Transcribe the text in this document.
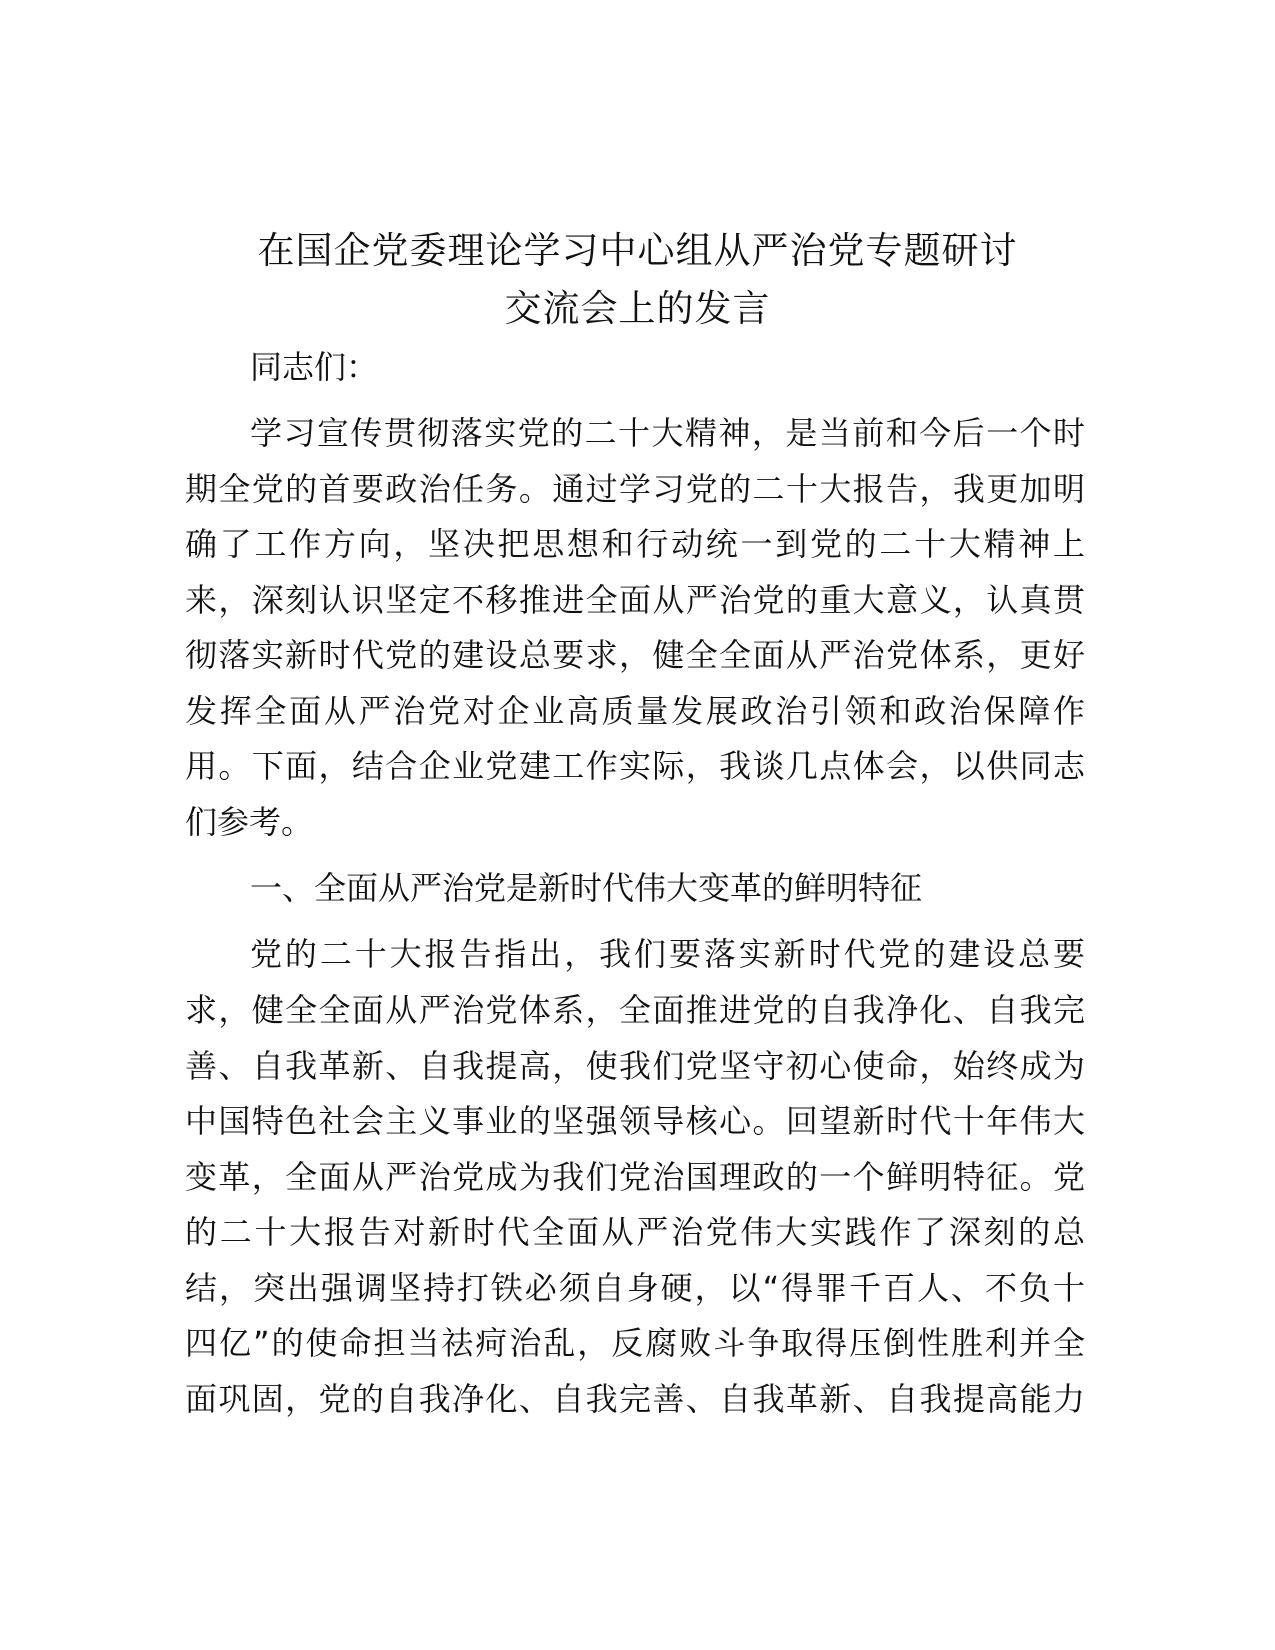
在国企党委理论学习中心组从严治党专题研讨
交流会上的发言
同志们：
学习宣传贯彻落实党的二十大精神，是当前和今后一个时
期全党的首要政治任务。通过学习党的二十大报告，我更加明
确了工作方向，坚决把思想和行动统一到党的二十大精神上
来，深刻认识坚定不移推进全面从严治党的重大意义，认真贯
彻落实新时代党的建设总要求，健全全面从严治党体系，更好
发挥全面从严治党对企业高质量发展政治引领和政治保障作
用。下面，结合企业党建工作实际，我谈几点体会，以供同志
们参考。
一、全面从严治党是新时代伟大变革的鲜明特征
党的二十大报告指出，我们要落实新时代党的建设总要
求，健全全面从严治党体系，全面推进党的自我净化、自我完
善、自我革新、自我提高，使我们党坚守初心使命，始终成为
中国特色社会主义事业的坚强领导核心。回望新时代十年伟大
变革，全面从严治党成为我们党治国理政的一个鲜明特征。党
的二十大报告对新时代全面从严治党伟大实践作了深刻的总
结，突出强调坚持打铁必须自身硬，以“得罪千百人、不负十
四亿”的使命担当祛疴治乱，反腐败斗争取得压倒性胜利并全
面巩固，党的自我净化、自我完善、自我革新、自我提高能力
